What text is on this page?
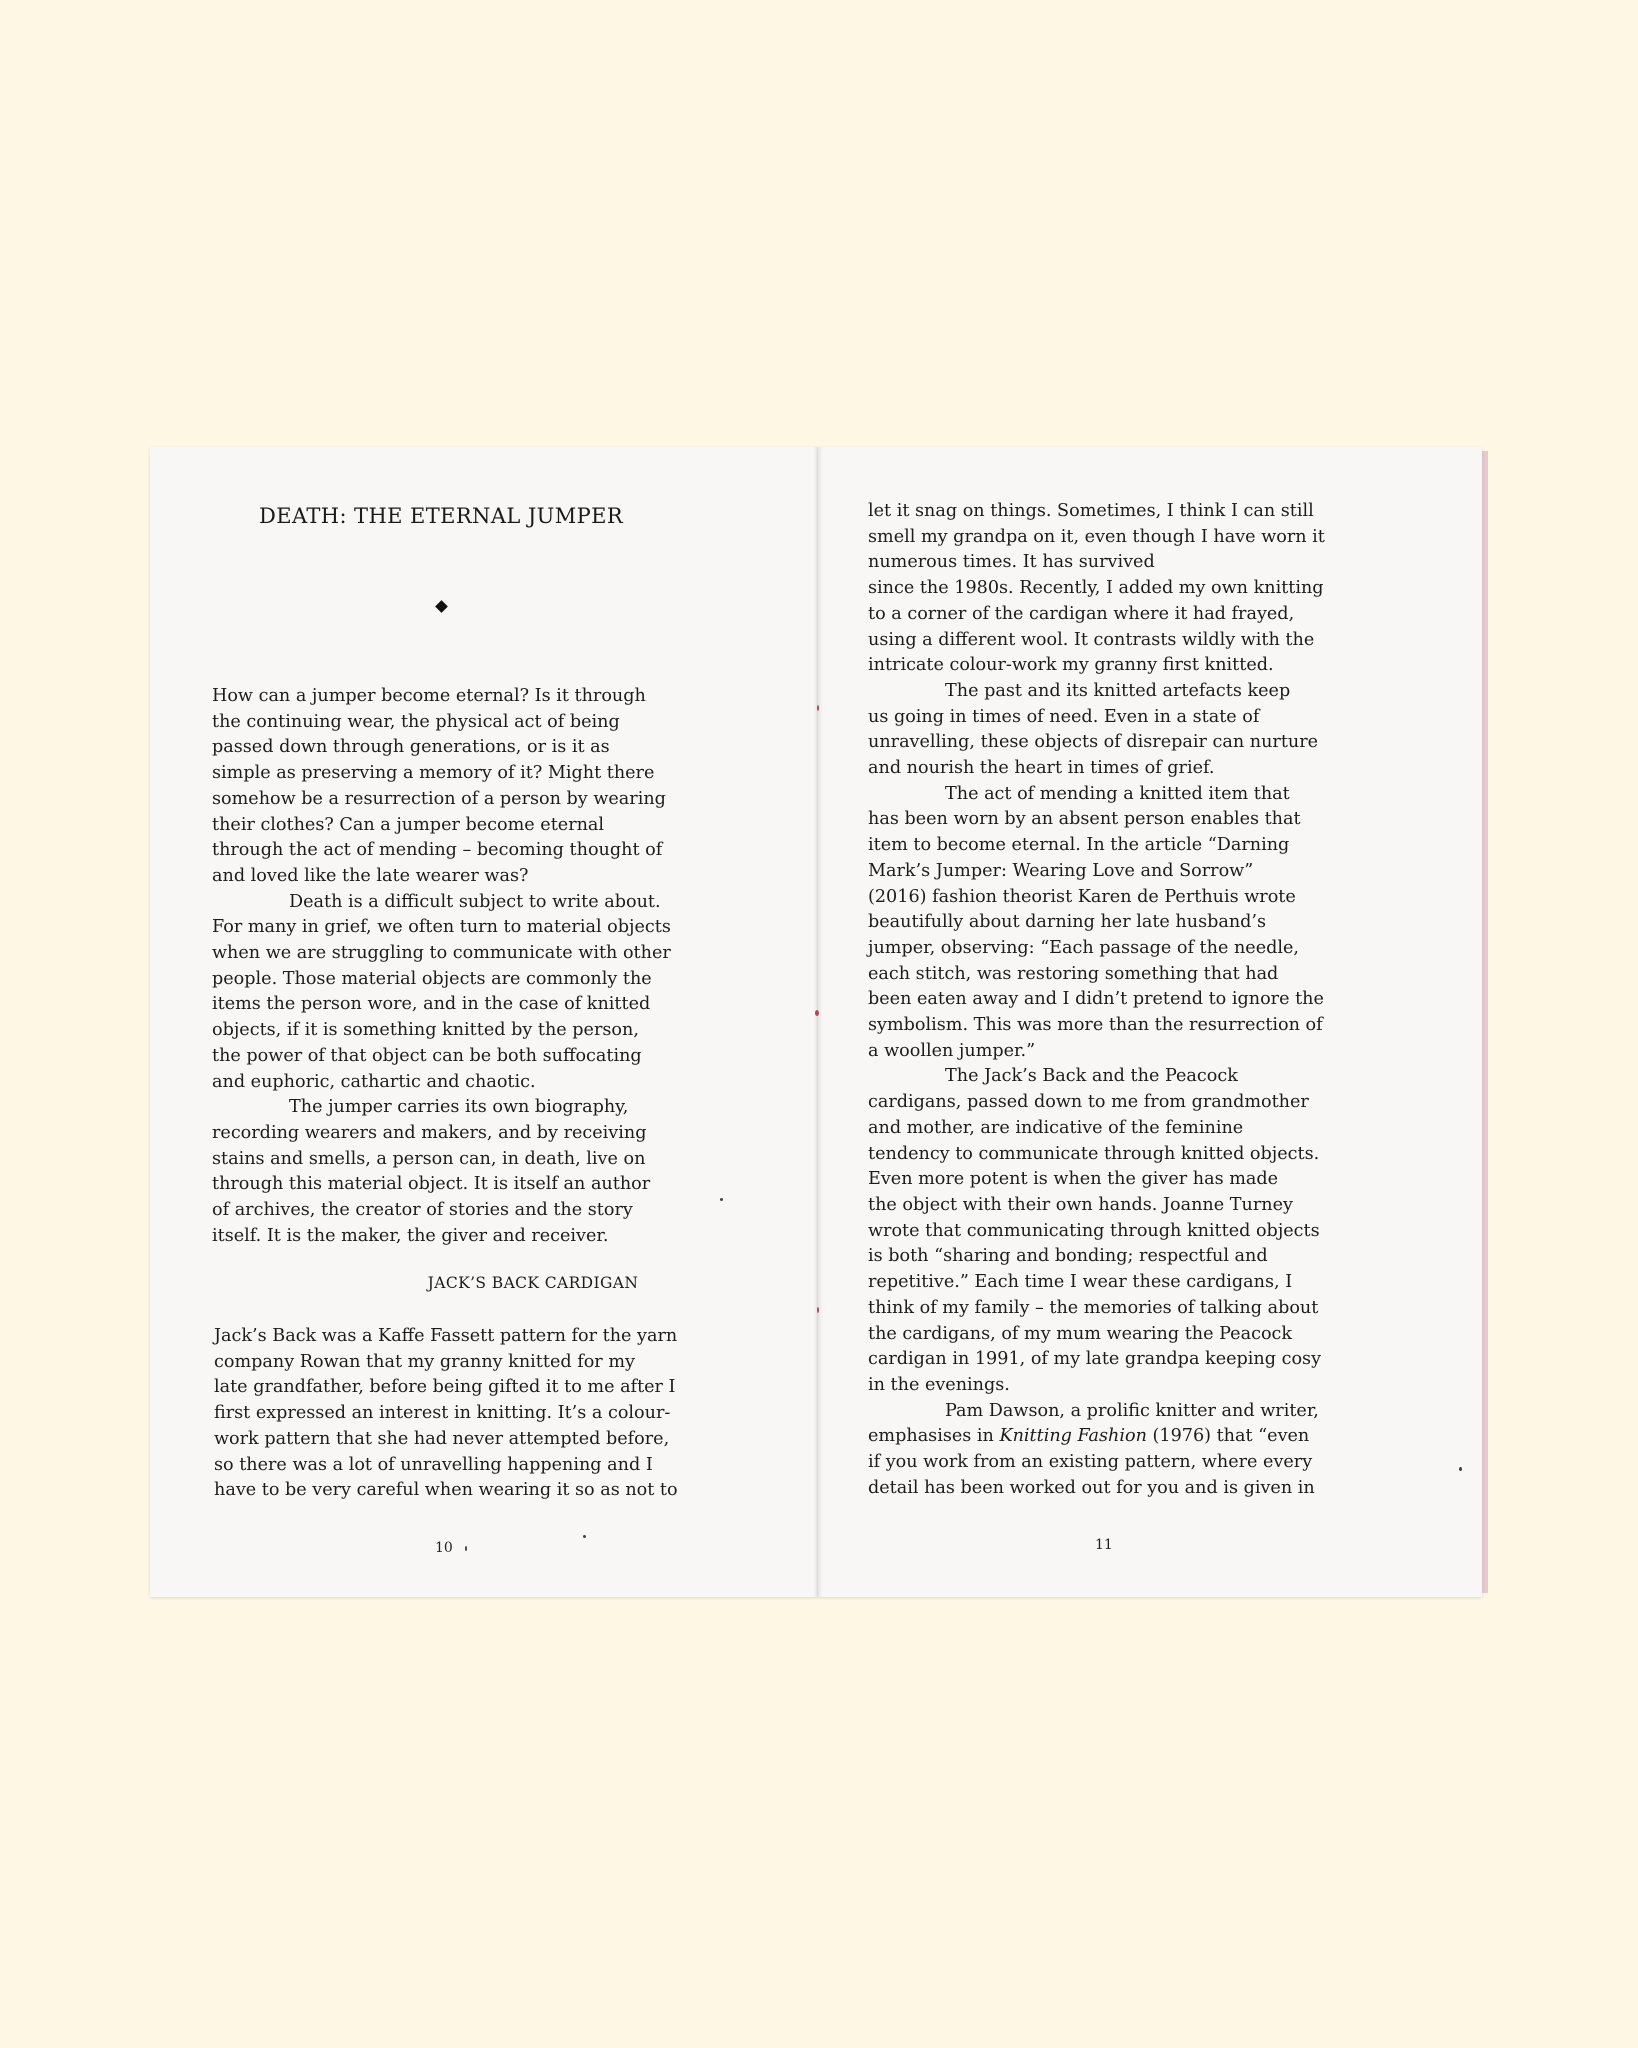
DEATH: THE ETERNAL JUMPER

How can a jumper become eternal? Is it through

the continuing wear, the physical act of being

passed down through generations, or is it as

simple as preserving a memory of it? Might there

somehow be a resurrection of a person by wearing

their clothes? Can a jumper become eternal

through the act of mending – becoming thought of

and loved like the late wearer was?

Death is a difficult subject to write about.

For many in grief, we often turn to material objects

when we are struggling to communicate with other

people. Those material objects are commonly the

items the person wore, and in the case of knitted

objects, if it is something knitted by the person,

the power of that object can be both suffocating

and euphoric, cathartic and chaotic.

The jumper carries its own biography,

recording wearers and makers, and by receiving

stains and smells, a person can, in death, live on

through this material object. It is itself an author

of archives, the creator of stories and the story

itself. It is the maker, the giver and receiver.

JACK’S BACK CARDIGAN

Jack’s Back was a Kaffe Fassett pattern for the yarn

company Rowan that my granny knitted for my

late grandfather, before being gifted it to me after I

first expressed an interest in knitting. It’s a colour-

work pattern that she had never attempted before,

so there was a lot of unravelling happening and I

have to be very careful when wearing it so as not to

10

let it snag on things. Sometimes, I think I can still

smell my grandpa on it, even though I have worn it

numerous times. It has survived

since the 1980s. Recently, I added my own knitting

to a corner of the cardigan where it had frayed,

using a different wool. It contrasts wildly with the

intricate colour-work my granny first knitted.

The past and its knitted artefacts keep

us going in times of need. Even in a state of

unravelling, these objects of disrepair can nurture

and nourish the heart in times of grief.

The act of mending a knitted item that

has been worn by an absent person enables that

item to become eternal. In the article “Darning

Mark’s Jumper: Wearing Love and Sorrow”

(2016) fashion theorist Karen de Perthuis wrote

beautifully about darning her late husband’s

jumper, observing: “Each passage of the needle,

each stitch, was restoring something that had

been eaten away and I didn’t pretend to ignore the

symbolism. This was more than the resurrection of

a woollen jumper.”

The Jack’s Back and the Peacock

cardigans, passed down to me from grandmother

and mother, are indicative of the feminine

tendency to communicate through knitted objects.

Even more potent is when the giver has made

the object with their own hands. Joanne Turney

wrote that communicating through knitted objects

is both “sharing and bonding; respectful and

repetitive.” Each time I wear these cardigans, I

think of my family – the memories of talking about

the cardigans, of my mum wearing the Peacock

cardigan in 1991, of my late grandpa keeping cosy

in the evenings.

Pam Dawson, a prolific knitter and writer,

emphasises in Knitting Fashion (1976) that “even

if you work from an existing pattern, where every

detail has been worked out for you and is given in

11
